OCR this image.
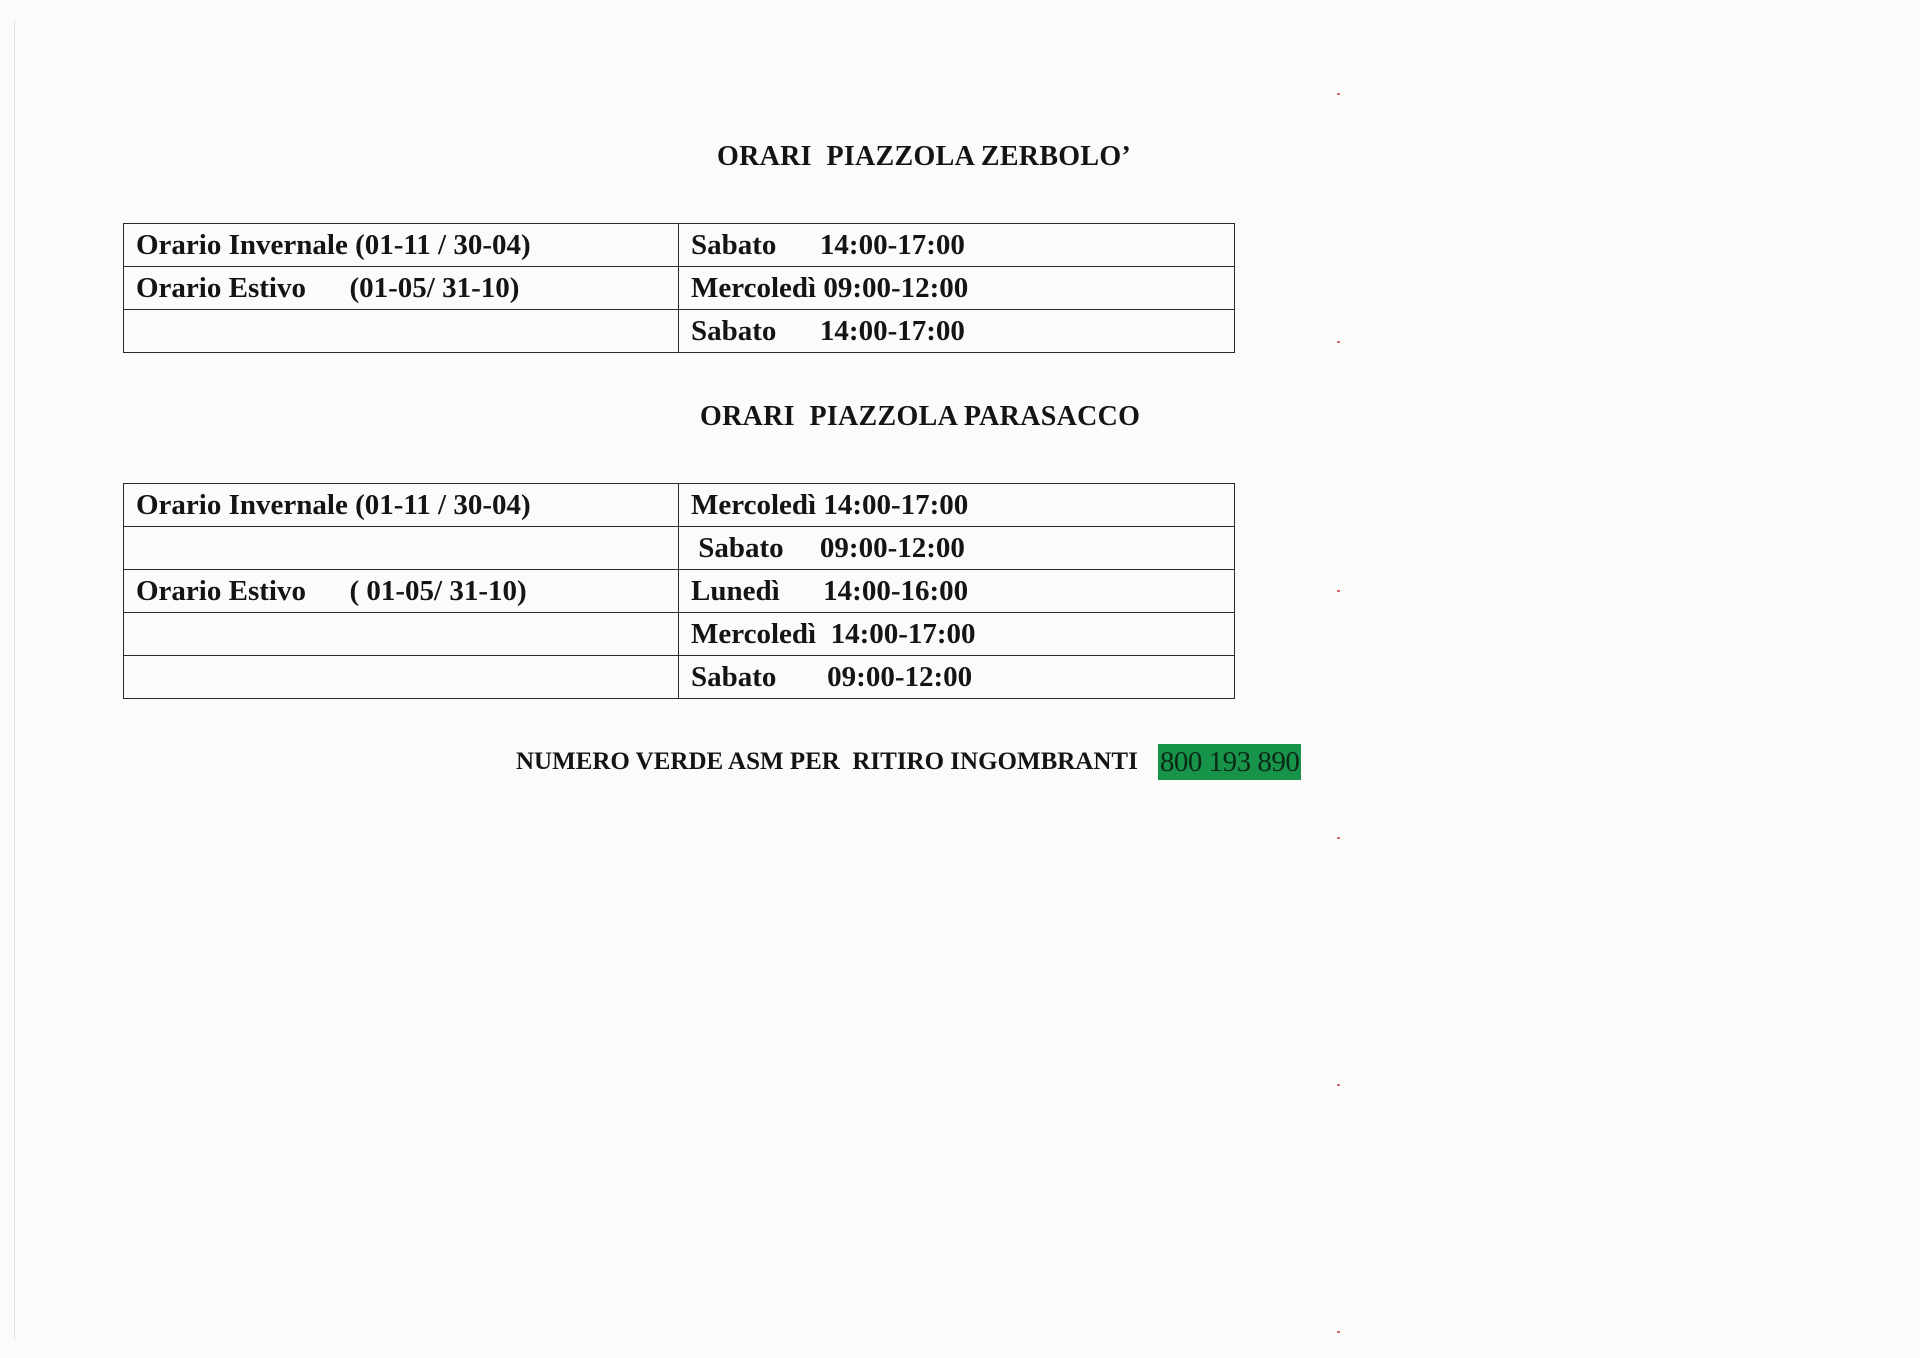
ORARI  PIAZZOLA ZERBOLO’
Orario Invernale (01-11 / 30-04)	Sabato      14:00-17:00
Orario Estivo      (01-05/ 31-10)	Mercoledì 09:00-12:00
	Sabato      14:00-17:00
ORARI  PIAZZOLA PARASACCO
Orario Invernale (01-11 / 30-04)	Mercoledì 14:00-17:00
	Sabato     09:00-12:00
Orario Estivo      ( 01-05/ 31-10)	Lunedì      14:00-16:00
	Mercoledì  14:00-17:00
	Sabato       09:00-12:00
NUMERO VERDE ASM PER  RITIRO INGOMBRANTI 800 193 890
